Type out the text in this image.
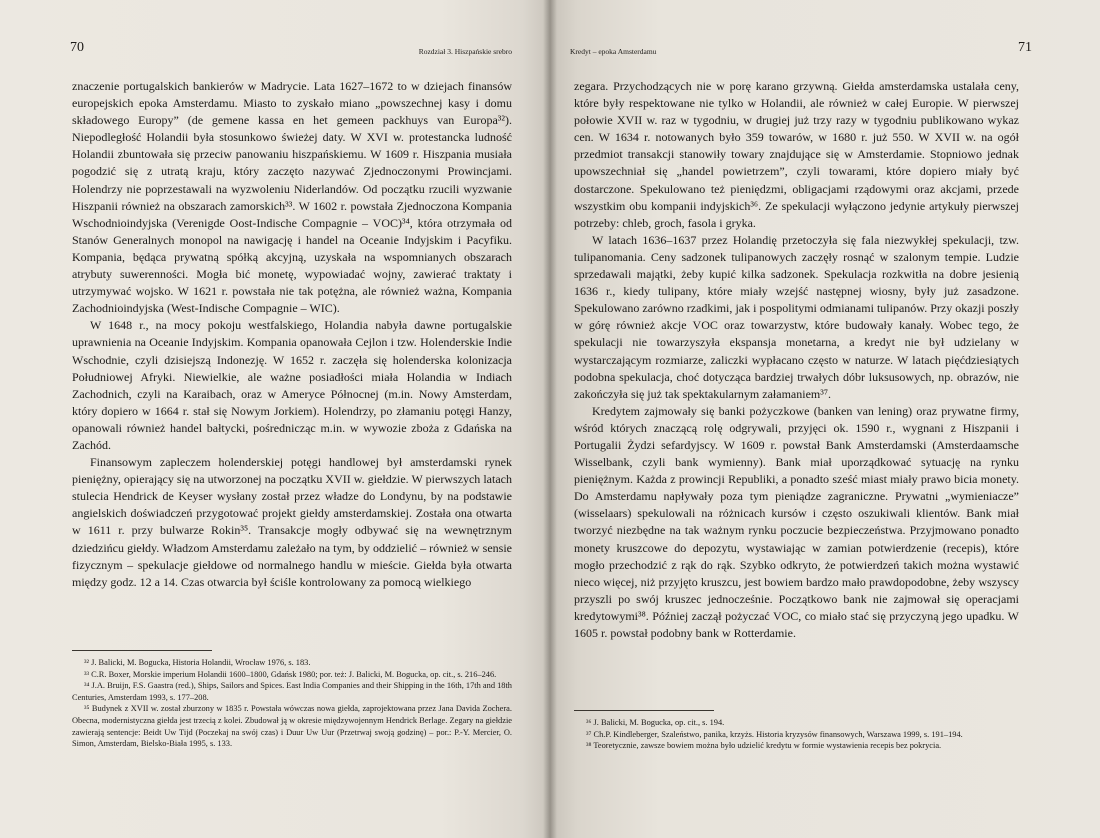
70	Rozdział 3. Hiszpańskie srebro

znaczenie portugalskich bankierów w Madrycie. Lata 1627–1672 to w dziejach finansów europejskich epoka Amsterdamu. Miasto to zyskało miano „powszechnej kasy i domu składowego Europy” (de gemene kassa en het gemeen packhuys van Europa³²). Niepodległość Holandii była stosunkowo świeżej daty. W XVI w. protestancka ludność Holandii zbuntowała się przeciw panowaniu hiszpańskiemu. W 1609 r. Hiszpania musiała pogodzić się z utratą kraju, który zaczęto nazywać Zjednoczonymi Prowincjami. Holendrzy nie poprzestawali na wyzwoleniu Niderlandów. Od początku rzucili wyzwanie Hiszpanii również na obszarach zamorskich³³. W 1602 r. powstała Zjednoczona Kompania Wschodnioindyjska (Verenigde Oost-Indische Compagnie – VOC)³⁴, która otrzymała od Stanów Generalnych monopol na nawigację i handel na Oceanie Indyjskim i Pacyfiku. Kompania, będąca prywatną spółką akcyjną, uzyskała na wspomnianych obszarach atrybuty suwerenności. Mogła bić monetę, wypowiadać wojny, zawierać traktaty i utrzymywać wojsko. W 1621 r. powstała nie tak potężna, ale również ważna, Kompania Zachodnioindyjska (West-Indische Compagnie – WIC).

W 1648 r., na mocy pokoju westfalskiego, Holandia nabyła dawne portugalskie uprawnienia na Oceanie Indyjskim. Kompania opanowała Cejlon i tzw. Holenderskie Indie Wschodnie, czyli dzisiejszą Indonezję. W 1652 r. zaczęła się holenderska kolonizacja Południowej Afryki. Niewielkie, ale ważne posiadłości miała Holandia w Indiach Zachodnich, czyli na Karaibach, oraz w Ameryce Północnej (m.in. Nowy Amsterdam, który dopiero w 1664 r. stał się Nowym Jorkiem). Holendrzy, po złamaniu potęgi Hanzy, opanowali również handel bałtycki, pośrednicząc m.in. w wywozie zboża z Gdańska na Zachód.

Finansowym zapleczem holenderskiej potęgi handlowej był amsterdamski rynek pieniężny, opierający się na utworzonej na początku XVII w. giełdzie. W pierwszych latach stulecia Hendrick de Keyser wysłany został przez władze do Londynu, by na podstawie angielskich doświadczeń przygotować projekt giełdy amsterdamskiej. Została ona otwarta w 1611 r. przy bulwarze Rokin³⁵. Transakcje mogły odbywać się na wewnętrznym dziedzińcu giełdy. Władzom Amsterdamu zależało na tym, by oddzielić – również w sensie fizycznym – spekulacje giełdowe od normalnego handlu w mieście. Giełda była otwarta między godz. 12 a 14. Czas otwarcia był ściśle kontrolowany za pomocą wielkiego

³² J. Balicki, M. Bogucka, Historia Holandii, Wrocław 1976, s. 183.

³³ C.R. Boxer, Morskie imperium Holandii 1600–1800, Gdańsk 1980; por. też: J. Balicki, M. Bogucka, op. cit., s. 216–246.

³⁴ J.A. Bruijn, F.S. Gaastra (red.), Ships, Sailors and Spices. East India Companies and their Shipping in the 16th, 17th and 18th Centuries, Amsterdam 1993, s. 177–208.

³⁵ Budynek z XVII w. został zburzony w 1835 r. Powstała wówczas nowa giełda, zaprojektowana przez Jana Davida Zochera. Obecna, modernistyczna giełda jest trzecią z kolei. Zbudował ją w okresie międzywojennym Hendrick Berlage. Zegary na giełdzie zawierają sentencje: Beidt Uw Tijd (Poczekaj na swój czas) i Duur Uw Uur (Przetrwaj swoją godzinę) – por.: P.-Y. Mercier, O. Simon, Amsterdam, Bielsko-Biała 1995, s. 133.

Kredyt – epoka Amsterdamu	71

zegara. Przychodzących nie w porę karano grzywną. Giełda amsterdamska ustalała ceny, które były respektowane nie tylko w Holandii, ale również w całej Europie. W pierwszej połowie XVII w. raz w tygodniu, w drugiej już trzy razy w tygodniu publikowano wykaz cen. W 1634 r. notowanych było 359 towarów, w 1680 r. już 550. W XVII w. na ogół przedmiot transakcji stanowiły towary znajdujące się w Amsterdamie. Stopniowo jednak upowszechniał się „handel powietrzem”, czyli towarami, które dopiero miały być dostarczone. Spekulowano też pieniędzmi, obligacjami rządowymi oraz akcjami, przede wszystkim obu kompanii indyjskich³⁶. Ze spekulacji wyłączono jedynie artykuły pierwszej potrzeby: chleb, groch, fasola i gryka.

W latach 1636–1637 przez Holandię przetoczyła się fala niezwykłej spekulacji, tzw. tulipanomania. Ceny sadzonek tulipanowych zaczęły rosnąć w szalonym tempie. Ludzie sprzedawali majątki, żeby kupić kilka sadzonek. Spekulacja rozkwitła na dobre jesienią 1636 r., kiedy tulipany, które miały wzejść następnej wiosny, były już zasadzone. Spekulowano zarówno rzadkimi, jak i pospolitymi odmianami tulipanów. Przy okazji poszły w górę również akcje VOC oraz towarzystw, które budowały kanały. Wobec tego, że spekulacji nie towarzyszyła ekspansja monetarna, a kredyt nie był udzielany w wystarczającym rozmiarze, zaliczki wypłacano często w naturze. W latach pięćdziesiątych podobna spekulacja, choć dotycząca bardziej trwałych dóbr luksusowych, np. obrazów, nie zakończyła się już tak spektakularnym załamaniem³⁷.

Kredytem zajmowały się banki pożyczkowe (banken van lening) oraz prywatne firmy, wśród których znaczącą rolę odgrywali, przyjęci ok. 1590 r., wygnani z Hiszpanii i Portugalii Żydzi sefardyjscy. W 1609 r. powstał Bank Amsterdamski (Amsterdaamsche Wisselbank, czyli bank wymienny). Bank miał uporządkować sytuację na rynku pieniężnym. Każda z prowincji Republiki, a ponadto sześć miast miały prawo bicia monety. Do Amsterdamu napływały poza tym pieniądze zagraniczne. Prywatni „wymieniacze” (wisselaars) spekulowali na różnicach kursów i często oszukiwali klientów. Bank miał tworzyć niezbędne na tak ważnym rynku poczucie bezpieczeństwa. Przyjmowano ponadto monety kruszcowe do depozytu, wystawiając w zamian potwierdzenie (recepis), które mogło przechodzić z rąk do rąk. Szybko odkryto, że potwierdzeń takich można wystawić nieco więcej, niż przyjęto kruszcu, jest bowiem bardzo mało prawdopodobne, żeby wszyscy przyszli po swój kruszec jednocześnie. Początkowo bank nie zajmował się operacjami kredytowymi³⁸. Później zaczął pożyczać VOC, co miało stać się przyczyną jego upadku. W 1605 r. powstał podobny bank w Rotterdamie.

³⁶ J. Balicki, M. Bogucka, op. cit., s. 194.

³⁷ Ch.P. Kindleberger, Szaleństwo, panika, krzyżs. Historia kryzysów finansowych, Warszawa 1999, s. 191–194.

³⁸ Teoretycznie, zawsze bowiem można było udzielić kredytu w formie wystawienia recepis bez pokrycia.
